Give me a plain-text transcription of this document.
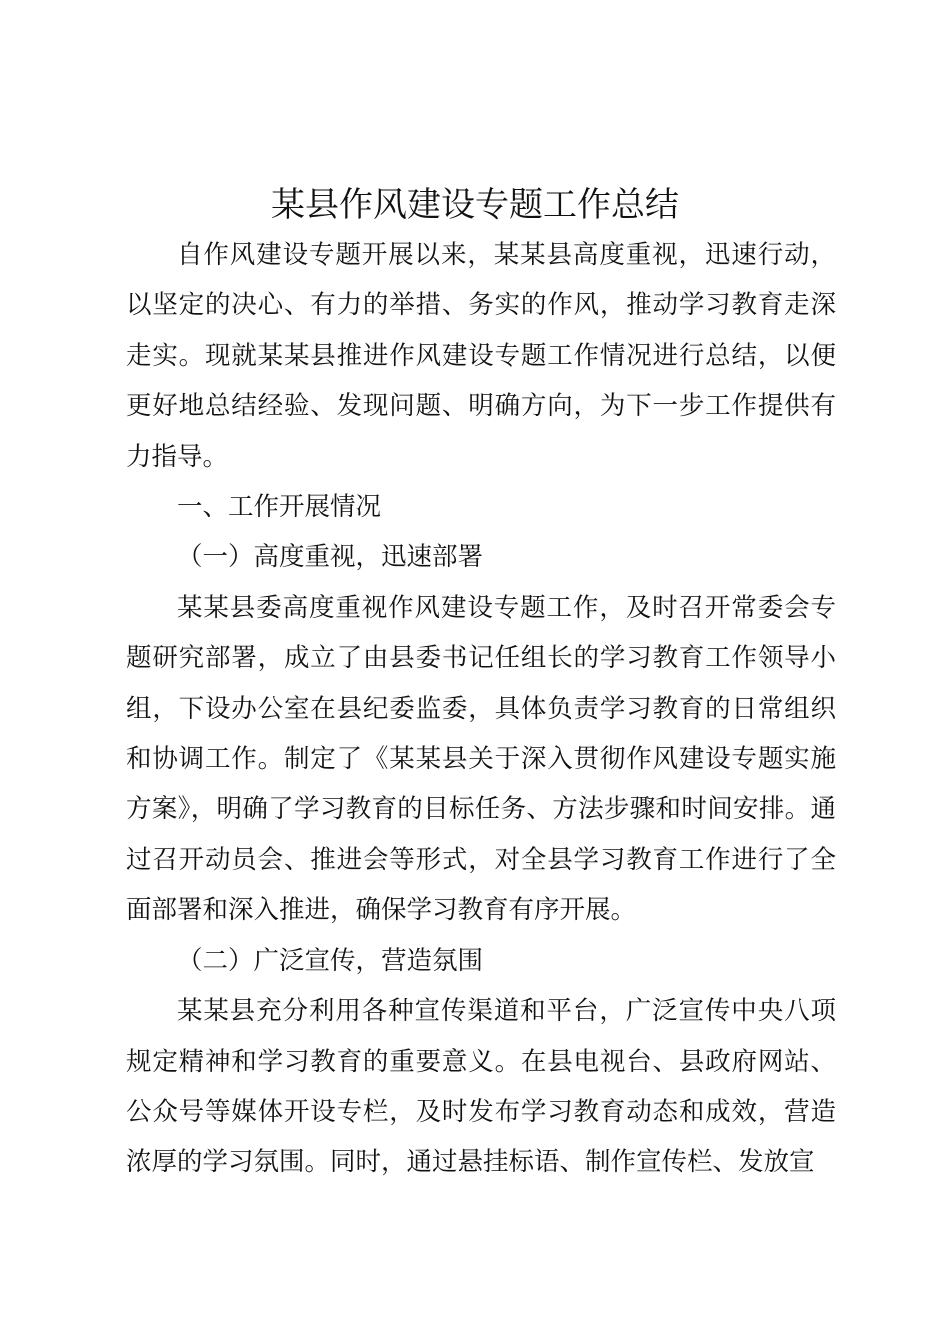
某县作风建设专题工作总结

自作风建设专题开展以来，某某县高度重视，迅速行动，以坚定的决心、有力的举措、务实的作风，推动学习教育走深走实。现就某某县推进作风建设专题工作情况进行总结，以便更好地总结经验、发现问题、明确方向，为下一步工作提供有力指导。

一、工作开展情况

（一）高度重视，迅速部署

某某县委高度重视作风建设专题工作，及时召开常委会专题研究部署，成立了由县委书记任组长的学习教育工作领导小组，下设办公室在县纪委监委，具体负责学习教育的日常组织和协调工作。制定了《某某县关于深入贯彻作风建设专题实施方案》，明确了学习教育的目标任务、方法步骤和时间安排。通过召开动员会、推进会等形式，对全县学习教育工作进行了全面部署和深入推进，确保学习教育有序开展。

（二）广泛宣传，营造氛围

某某县充分利用各种宣传渠道和平台，广泛宣传中央八项规定精神和学习教育的重要意义。在县电视台、县政府网站、公众号等媒体开设专栏，及时发布学习教育动态和成效，营造浓厚的学习氛围。同时，通过悬挂标语、制作宣传栏、发放宣
